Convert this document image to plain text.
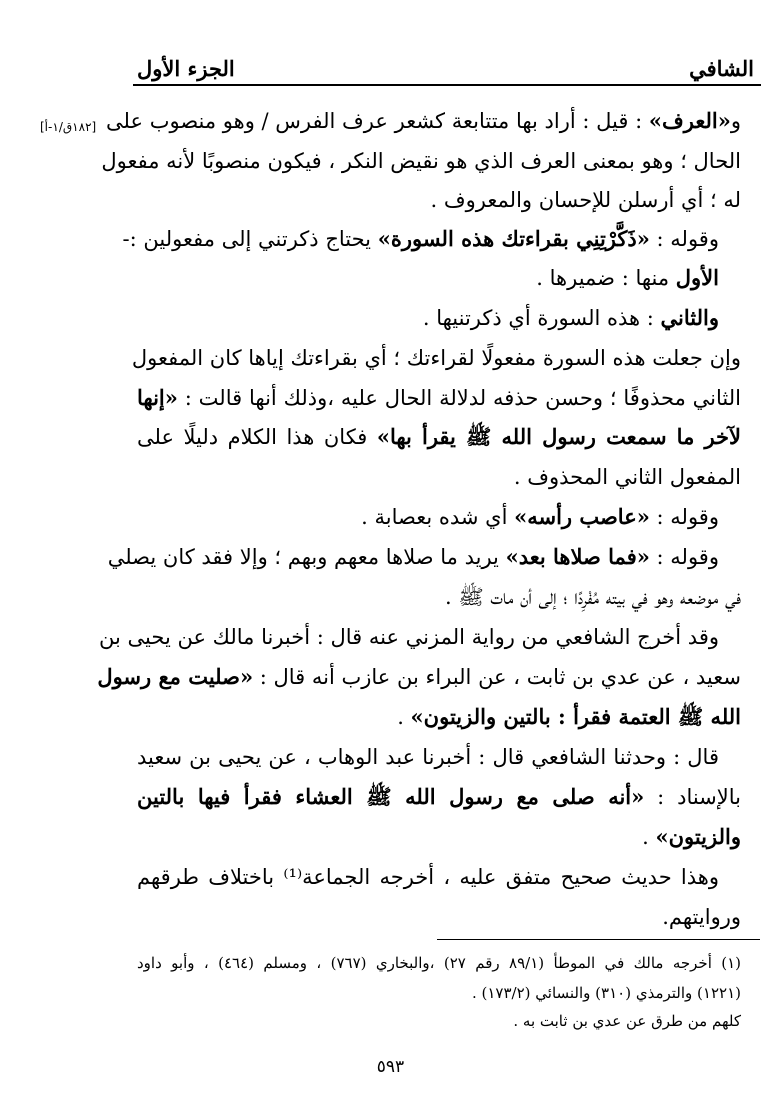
الجزء الأول	الشافي
[١٨٢ق/١-أ]	و«العرف» : قيل : أراد بها متتابعة كشعر عرف الفرس / وهو منصوب على
الحال ؛ وهو بمعنى العرف الذي هو نقيض النكر ، فيكون منصوبًا لأنه مفعول
له ؛ أي أرسلن للإحسان والمعروف .
وقوله : «ذَكَّرْتِنِي بقراءتك هذه السورة» يحتاج ذكرتني إلى مفعولين :-
الأول منها : ضميرها .
والثاني : هذه السورة أي ذكرتنيها .
وإن جعلت هذه السورة مفعولًا لقراءتك ؛ أي بقراءتك إياها كان المفعول
الثاني محذوفًا ؛ وحسن حذفه لدلالة الحال عليه ،وذلك أنها قالت : «إنها
لآخر ما سمعت رسول الله ﷺ يقرأ بها» فكان هذا الكلام دليلًا على
المفعول الثاني المحذوف .
وقوله : «عاصب رأسه» أي شده بعصابة .
وقوله : «فما صلاها بعد» يريد ما صلاها معهم وبهم ؛ وإلا فقد كان يصلي
في موضعه وهو في بيته مُفْرِدًا ؛ إلى أن مات ﷺ .
وقد أخرج الشافعي من رواية المزني عنه قال : أخبرنا مالك عن يحيى بن
سعيد ، عن عدي بن ثابت ، عن البراء بن عازب أنه قال : «صليت مع رسول
الله ﷺ العتمة فقرأ : بالتين والزيتون» .
قال : وحدثنا الشافعي قال : أخبرنا عبد الوهاب ، عن يحيى بن سعيد
بالإسناد : «أنه صلى مع رسول الله ﷺ العشاء فقرأ فيها بالتين
والزيتون» .
وهذا حديث صحيح متفق عليه ، أخرجه الجماعة⁽¹⁾ باختلاف طرقهم
وروايتهم.
(١) أخرجه مالك في الموطأ (٨٩/١ رقم ٢٧) ،والبخاري (٧٦٧) ، ومسلم (٤٦٤) ، وأبو داود
(١٢٢١) والترمذي (٣١٠) والنسائي (١٧٣/٢) .
كلهم من طرق عن عدي بن ثابت به .
٥٩٣
